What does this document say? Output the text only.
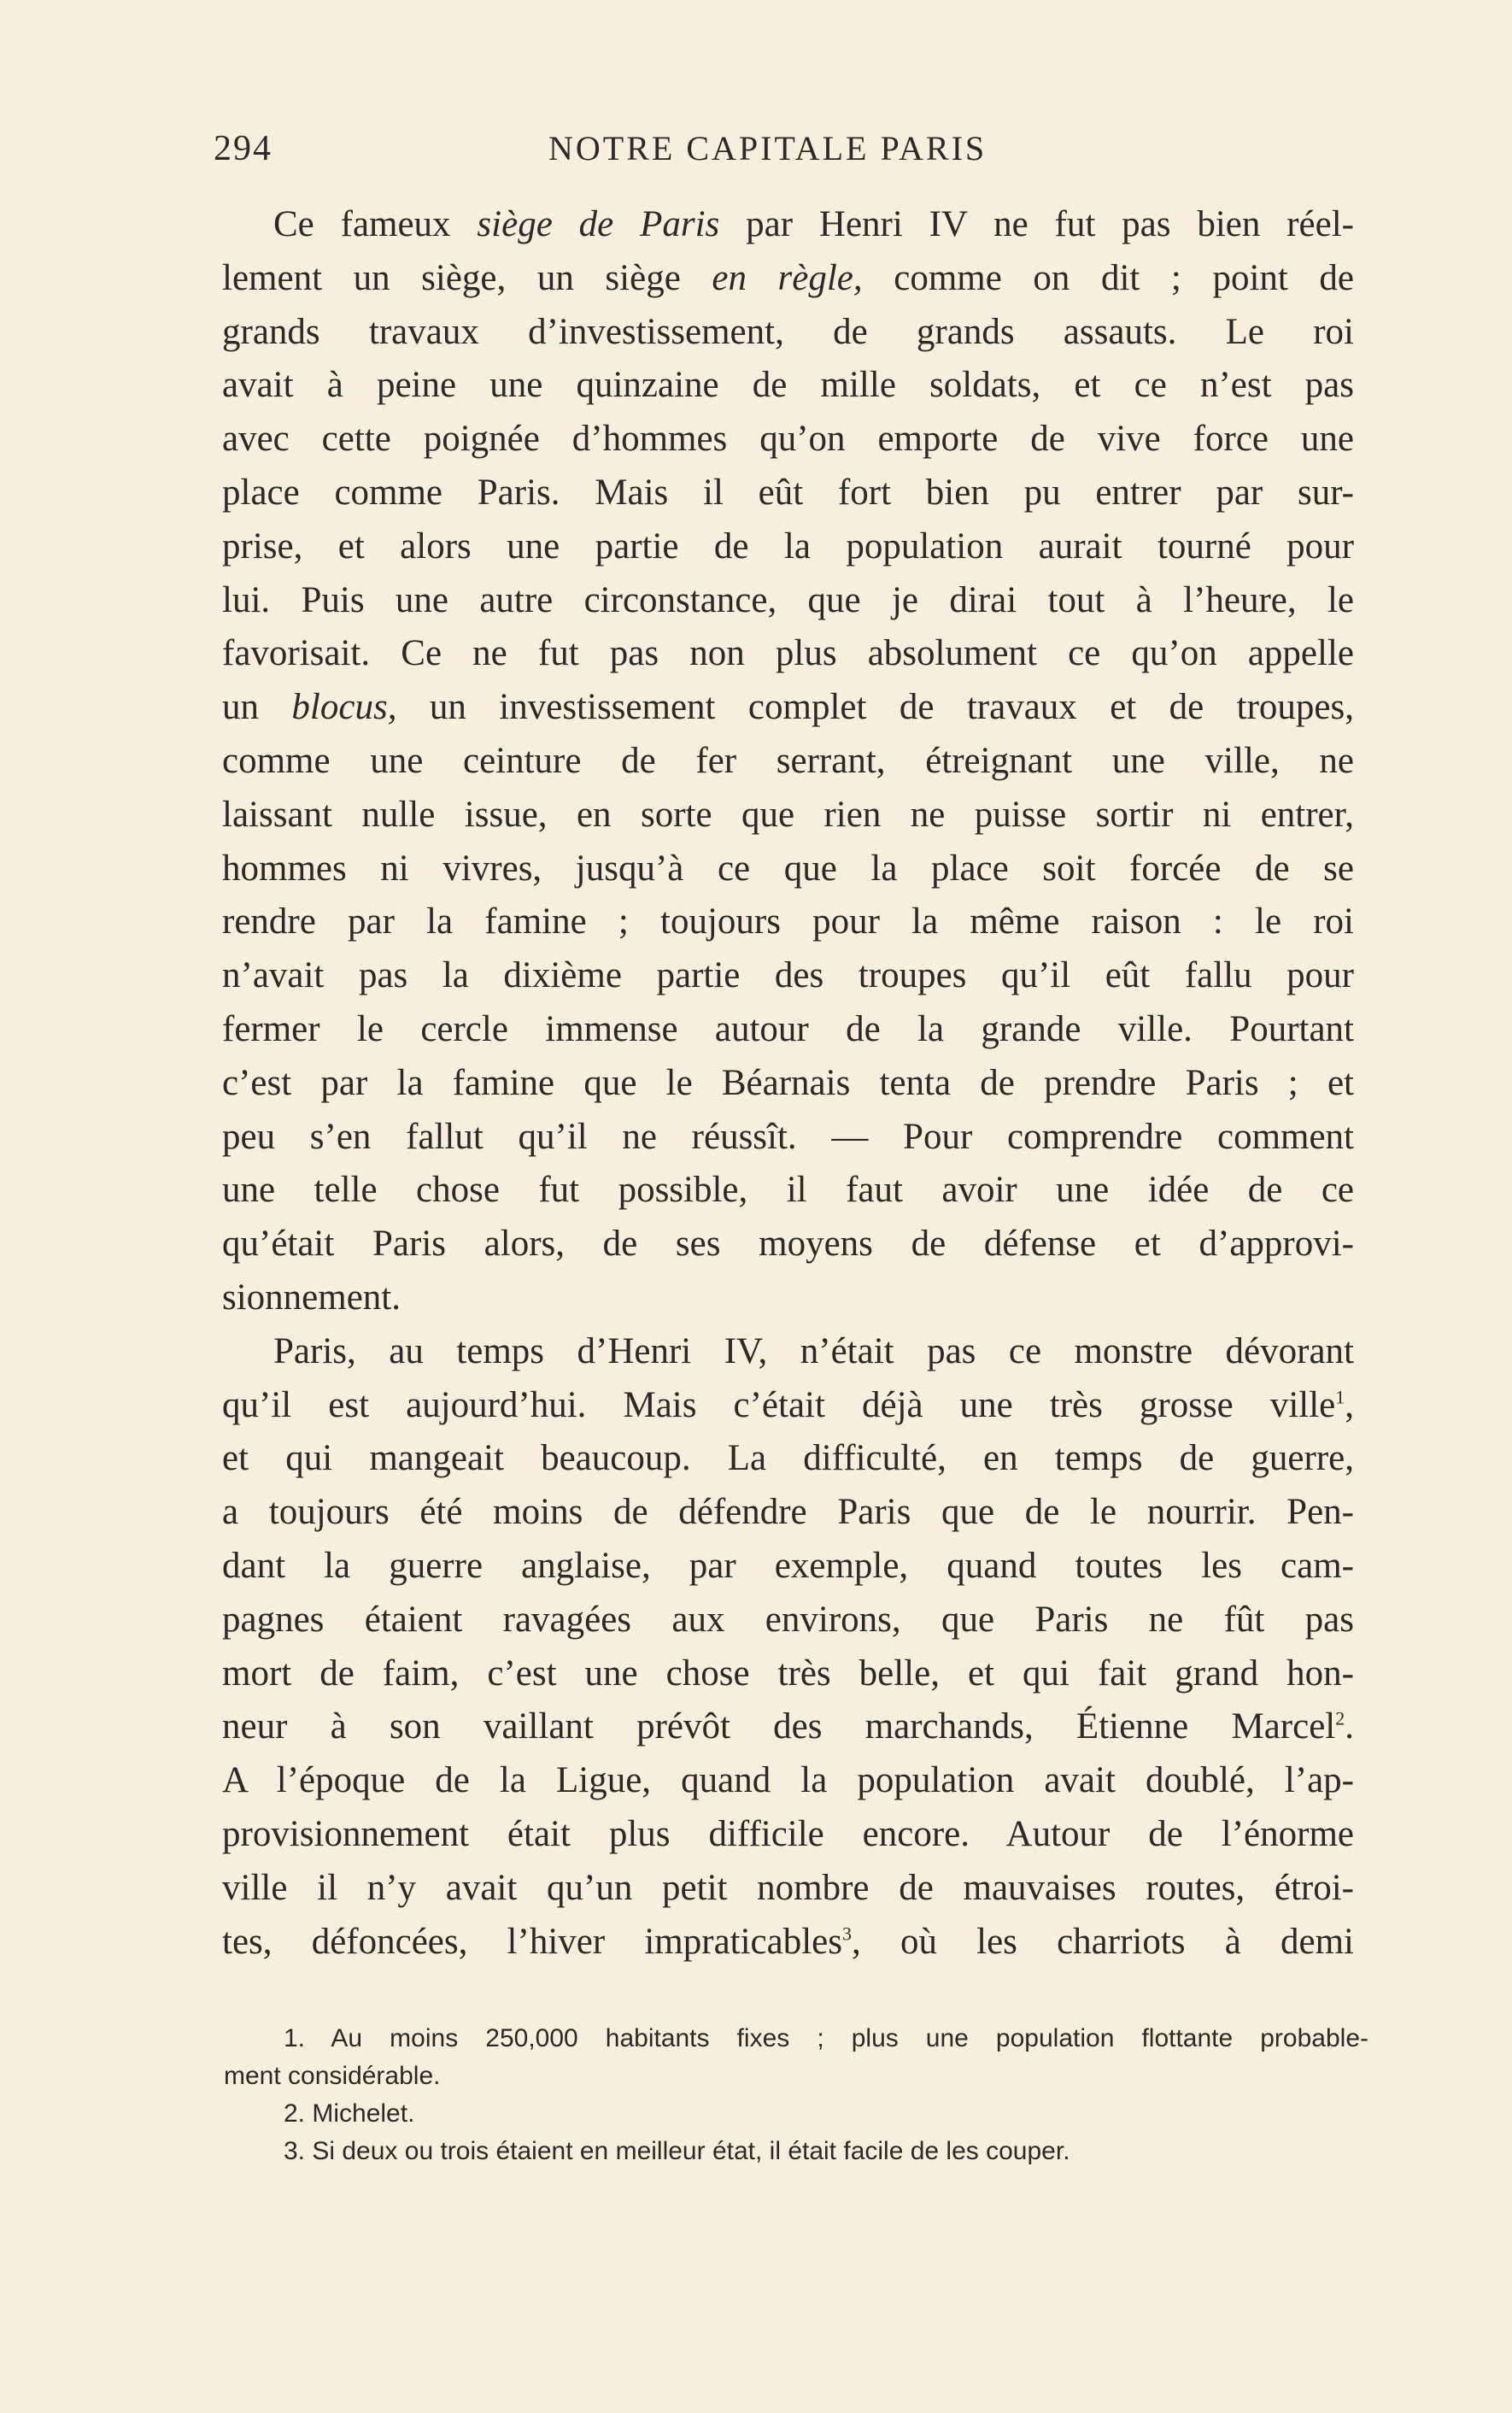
294	NOTRE CAPITALE PARIS
Ce fameux siège de Paris par Henri IV ne fut pas bien réel-
lement un siège, un siège en règle, comme on dit ; point de
grands travaux d’investissement, de grands assauts. Le roi
avait à peine une quinzaine de mille soldats, et ce n’est pas
avec cette poignée d’hommes qu’on emporte de vive force une
place comme Paris. Mais il eût fort bien pu entrer par sur-
prise, et alors une partie de la population aurait tourné pour
lui. Puis une autre circonstance, que je dirai tout à l’heure, le
favorisait. Ce ne fut pas non plus absolument ce qu’on appelle
un blocus, un investissement complet de travaux et de troupes,
comme une ceinture de fer serrant, étreignant une ville, ne
laissant nulle issue, en sorte que rien ne puisse sortir ni entrer,
hommes ni vivres, jusqu’à ce que la place soit forcée de se
rendre par la famine ; toujours pour la même raison : le roi
n’avait pas la dixième partie des troupes qu’il eût fallu pour
fermer le cercle immense autour de la grande ville. Pourtant
c’est par la famine que le Béarnais tenta de prendre Paris ; et
peu s’en fallut qu’il ne réussît. — Pour comprendre comment
une telle chose fut possible, il faut avoir une idée de ce
qu’était Paris alors, de ses moyens de défense et d’approvi-
sionnement.
Paris, au temps d’Henri IV, n’était pas ce monstre dévorant
qu’il est aujourd’hui. Mais c’était déjà une très grosse ville$^1$,
et qui mangeait beaucoup. La difficulté, en temps de guerre,
a toujours été moins de défendre Paris que de le nourrir. Pen-
dant la guerre anglaise, par exemple, quand toutes les cam-
pagnes étaient ravagées aux environs, que Paris ne fût pas
mort de faim, c’est une chose très belle, et qui fait grand hon-
neur à son vaillant prévôt des marchands, Étienne Marcel$^2$.
A l’époque de la Ligue, quand la population avait doublé, l’ap-
provisionnement était plus difficile encore. Autour de l’énorme
ville il n’y avait qu’un petit nombre de mauvaises routes, étroi-
tes, défoncées, l’hiver impraticables$^3$, où les charriots à demi
1. Au moins 250,000 habitants fixes ; plus une population flottante probable-
ment considérable.
2. Michelet.
3. Si deux ou trois étaient en meilleur état, il était facile de les couper.
